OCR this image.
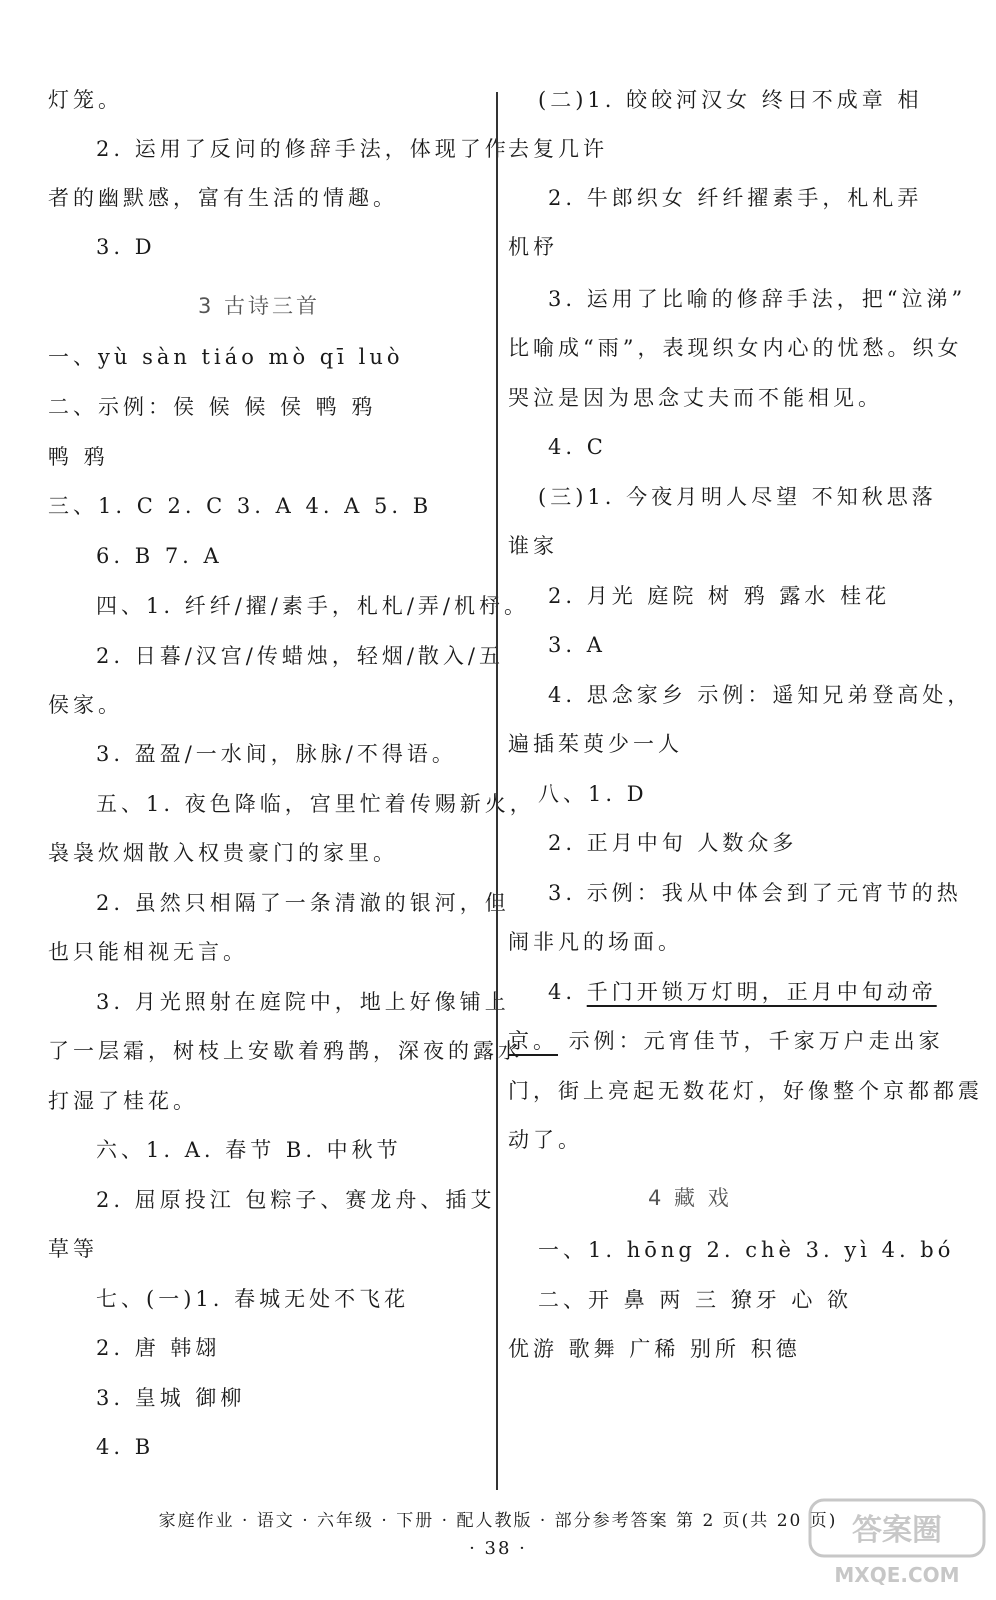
灯笼。
2. 运用了反问的修辞手法，体现了作
者的幽默感，富有生活的情趣。
3. D
3 古诗三首
一、yù sàn tiáo mò qī luò
二、示例：侯 候 候 侯 鸭 鸦
鸭 鸦
三、1. C 2. C 3. A 4. A 5. B
6. B 7. A
四、1. 纤纤/擢/素手，札札/弄/机杼。
2. 日暮/汉宫/传蜡烛，轻烟/散入/五
侯家。
3. 盈盈/一水间，脉脉/不得语。
五、1. 夜色降临，宫里忙着传赐新火，
袅袅炊烟散入权贵豪门的家里。
2. 虽然只相隔了一条清澈的银河，但
也只能相视无言。
3. 月光照射在庭院中，地上好像铺上
了一层霜，树枝上安歇着鸦鹊，深夜的露水
打湿了桂花。
六、1. A. 春节 B. 中秋节
2. 屈原投江 包粽子、赛龙舟、插艾
草等
七、(一)1. 春城无处不飞花
2. 唐 韩翃
3. 皇城 御柳
4. B
(二)1. 皎皎河汉女 终日不成章 相
去复几许
2. 牛郎织女 纤纤擢素手，札札弄
机杼
3. 运用了比喻的修辞手法，把“泣涕”
比喻成“雨”，表现织女内心的忧愁。织女
哭泣是因为思念丈夫而不能相见。
4. C
(三)1. 今夜月明人尽望 不知秋思落
谁家
2. 月光 庭院 树 鸦 露水 桂花
3. A
4. 思念家乡 示例：遥知兄弟登高处，
遍插茱萸少一人
八、1. D
2. 正月中旬 人数众多
3. 示例：我从中体会到了元宵节的热
闹非凡的场面。
4. 千门开锁万灯明，正月中旬动帝
京。 示例：元宵佳节，千家万户走出家
门，街上亮起无数花灯，好像整个京都都震
动了。
4 藏 戏
一、1. hōng 2. chè 3. yì 4. bó
二、开 鼻 两 三 獠牙 心 欲
优游 歌舞 广稀 别所 积德
家庭作业 · 语文 · 六年级 · 下册 · 配人教版 · 部分参考答案 第 2 页(共 20 页)
· 38 ·
答案圈
MXQE.COM
